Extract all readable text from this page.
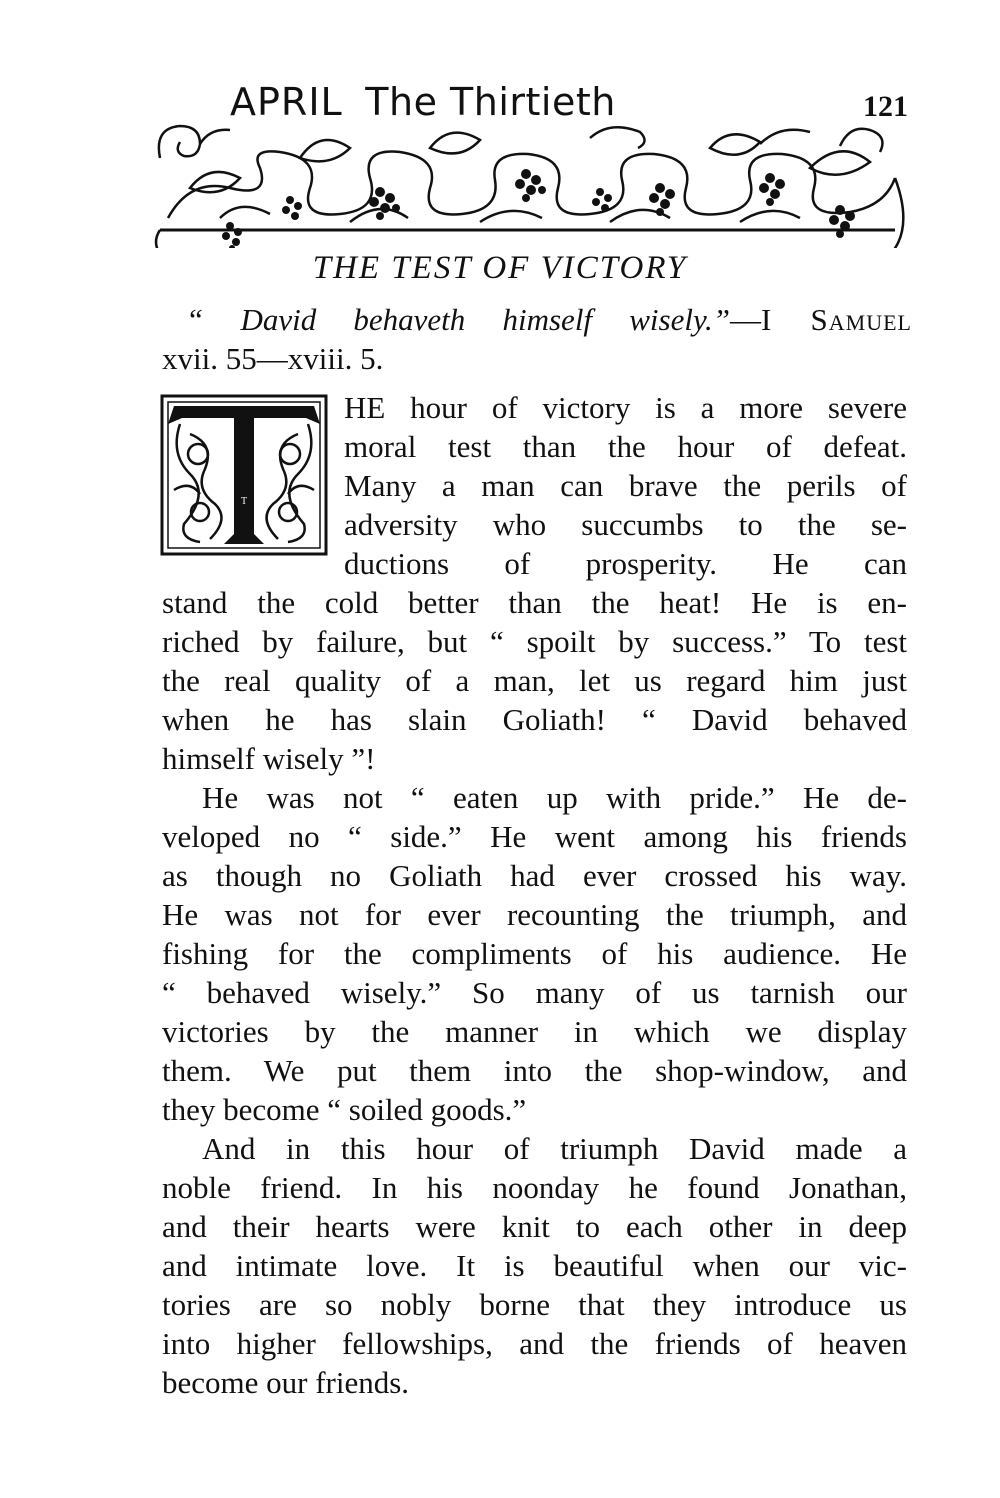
APRIL The Thirtieth	121
THE TEST OF VICTORY
“ David behaveth himself wisely.”—I Samuel
xvii. 55—xviii. 5.
T
HE hour of victory is a more severe
moral test than the hour of defeat.
Many a man can brave the perils of
adversity who succumbs to the se-
ductions of prosperity. He can
stand the cold better than the heat! He is en-
riched by failure, but “ spoilt by success.” To test
the real quality of a man, let us regard him just
when he has slain Goliath! “ David behaved
himself wisely ”!
He was not “ eaten up with pride.” He de-
veloped no “ side.” He went among his friends
as though no Goliath had ever crossed his way.
He was not for ever recounting the triumph, and
fishing for the compliments of his audience. He
“ behaved wisely.” So many of us tarnish our
victories by the manner in which we display
them. We put them into the shop-window, and
they become “ soiled goods.”
And in this hour of triumph David made a
noble friend. In his noonday he found Jonathan,
and their hearts were knit to each other in deep
and intimate love. It is beautiful when our vic-
tories are so nobly borne that they introduce us
into higher fellowships, and the friends of heaven
become our friends.
